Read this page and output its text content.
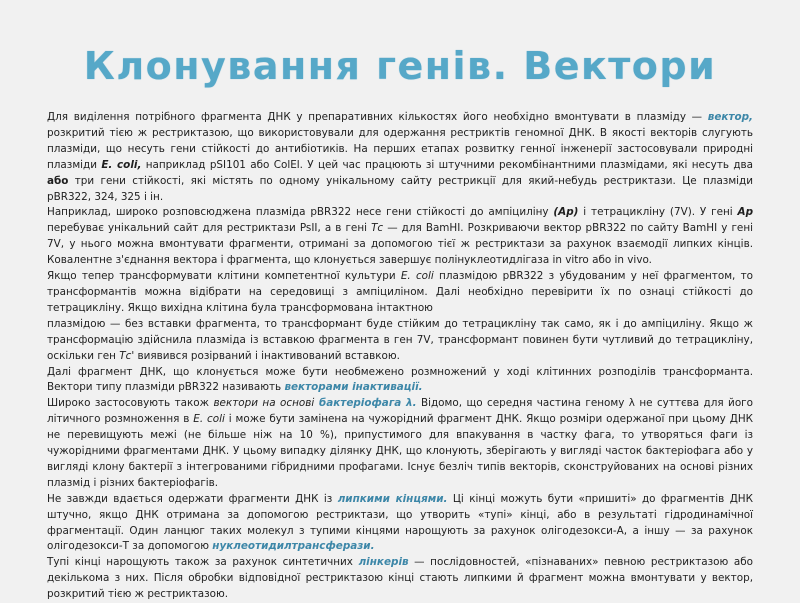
Клонування генів. Вектори

Для виділення потрібного фрагмента ДНК у препаративних кількостях його необхідно вмонтувати в плазміду — вектор, розкритий тією ж рестриктазою, що використовували для одержання рестриктів геномної ДНК. В якості векторів слугують плазміди, що несуть гени стійкості до антибіотиків. На перших етапах розвитку генної інженерії застосовували природні плазміди E. coli, наприклад pSI101 або ColEl. У цей час працюють зі штучними рекомбінантними плазмідами, які несуть два або три гени стійкості, які містять по одному унікальному сайту рестрикції для який-небудь рестриктази. Це плазміди pBR322, 324, 325 і ін.

Наприклад, широко розповсюджена плазміда pBR322 несе гени стійкості до ампіциліну (Ар) і тетрацикліну (7V). У гені Ар перебуває унікальний сайт для рестриктази PsII, а в гені Тс — для BamHI. Розкриваючи вектор pBR322 по сайту BamHI у гені 7V, у нього можна вмонтувати фрагменти, отримані за допомогою тієї ж рестриктази за рахунок взаємодії липких кінців. Ковалентне з'єднання вектора і фрагмента, що клонується завершує полінуклеотидлігаза in vitro або in vivo.

Якщо тепер трансформувати клітини компетентної культури E. coli плазмідою pBR322 з убудованим у неї фрагментом, то трансформантів можна відібрати на середовищі з ампіциліном. Далі необхідно перевірити їх по ознаці стійкості до тетрацикліну. Якщо вихідна клітина була трансформована інтактною

плазмідою — без вставки фрагмента, то трансформант буде стійким до тетрацикліну так само, як і до ампіциліну. Якщо ж трансформацію здійснила плазміда із вставкою фрагмента в ген 7V, трансформант повинен бути чутливий до тетрацикліну, оскільки ген Тс' виявився розірваний і інактивований вставкою.

Далі фрагмент ДНК, що клонується може бути необмежено розмножений у ході клітинних розподілів трансформанта. Вектори типу плазміди pBR322 називають векторами інактивації.

Широко застосовують також вектори на основі бактеріофага λ. Відомо, що середня частина геному λ не суттєва для його літичного розмноження в E. coli і може бути замінена на чужорідний фрагмент ДНК. Якщо розміри одержаної при цьому ДНК не перевищують межі (не більше ніж на 10 %), припустимого для впакування в частку фага, то утворяться фаги із чужорідними фрагментами ДНК. У цьому випадку ділянку ДНК, що клонують, зберігають у вигляді часток бактеріофага або у вигляді клону бактерії з інтегрованими гібридними профагами. Існує безліч типів векторів, сконструйованих на основі різних плазмід і різних бактеріофагів.

Не завжди вдається одержати фрагменти ДНК із липкими кінцями. Ці кінці можуть бути «пришиті» до фрагментів ДНК штучно, якщо ДНК отримана за допомогою рестриктази, що утворить «тупі» кінці, або в результаті гідродинамічної фрагментації. Один ланцюг таких молекул з тупими кінцями нарощують за рахунок олігодезокси-А, а іншу — за рахунок олігодезокси-Т за допомогою нуклеотидилтрансферази.

Тупі кінці нарощують також за рахунок синтетичних лінкерів — послідовностей, «пізнаваних» певною рестриктазою або декількома з них. Після обробки відповідної рестриктазою кінці стають липкими й фрагмент можна вмонтувати у вектор, розкритий тією ж рестриктазою.
